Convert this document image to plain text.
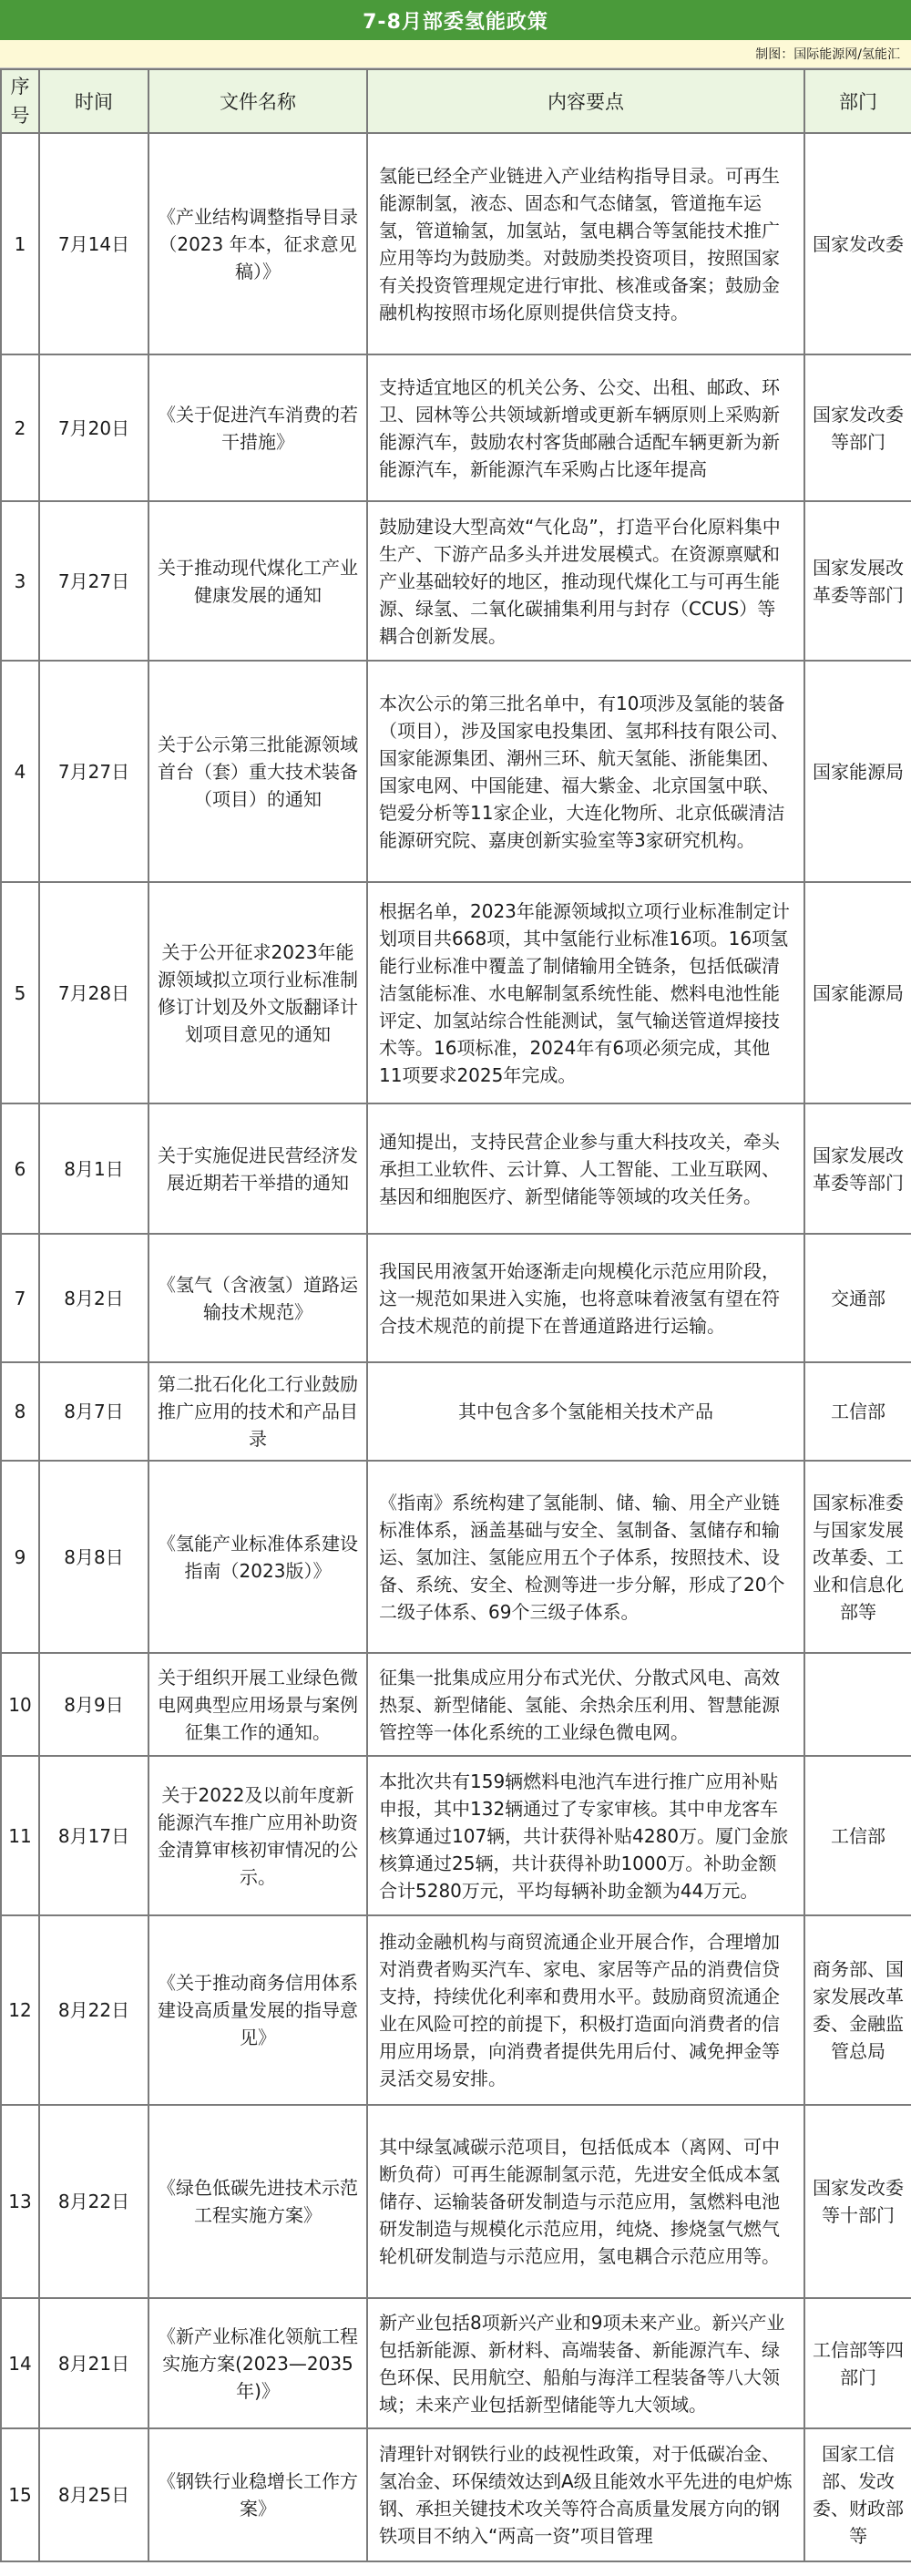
7-8月部委氢能政策
制图：国际能源网/氢能汇
序号	时间	文件名称	内容要点	部门
1	7月14日	《产业结构调整指导目录（2023 年本，征求意见稿）》	氢能已经全产业链进入产业结构指导目录。可再生能源制氢，液态、固态和气态储氢，管道拖车运氢，管道输氢，加氢站，氢电耦合等氢能技术推广应用等均为鼓励类。对鼓励类投资项目，按照国家有关投资管理规定进行审批、核准或备案；鼓励金融机构按照市场化原则提供信贷支持。	国家发改委
2	7月20日	《关于促进汽车消费的若干措施》	支持适宜地区的机关公务、公交、出租、邮政、环卫、园林等公共领域新增或更新车辆原则上采购新能源汽车，鼓励农村客货邮融合适配车辆更新为新能源汽车，新能源汽车采购占比逐年提高	国家发改委等部门
3	7月27日	关于推动现代煤化工产业健康发展的通知	鼓励建设大型高效“气化岛”，打造平台化原料集中生产、下游产品多头并进发展模式。在资源禀赋和产业基础较好的地区，推动现代煤化工与可再生能源、绿氢、二氧化碳捕集利用与封存（CCUS）等耦合创新发展。	国家发展改革委等部门
4	7月27日	关于公示第三批能源领域首台（套）重大技术装备（项目）的通知	本次公示的第三批名单中，有10项涉及氢能的装备（项目），涉及国家电投集团、氢邦科技有限公司、国家能源集团、潮州三环、航天氢能、浙能集团、国家电网、中国能建、福大紫金、北京国氢中联、铠爱分析等11家企业，大连化物所、北京低碳清洁能源研究院、嘉庚创新实验室等3家研究机构。	国家能源局
5	7月28日	关于公开征求2023年能源领域拟立项行业标准制修订计划及外文版翻译计划项目意见的通知	根据名单，2023年能源领域拟立项行业标准制定计划项目共668项，其中氢能行业标准16项。16项氢能行业标准中覆盖了制储输用全链条，包括低碳清洁氢能标准、水电解制氢系统性能、燃料电池性能评定、加氢站综合性能测试，氢气输送管道焊接技术等。16项标准，2024年有6项必须完成，其他11项要求2025年完成。	国家能源局
6	8月1日	关于实施促进民营经济发展近期若干举措的通知	通知提出，支持民营企业参与重大科技攻关，牵头承担工业软件、云计算、人工智能、工业互联网、基因和细胞医疗、新型储能等领域的攻关任务。	国家发展改革委等部门
7	8月2日	《氢气（含液氢）道路运输技术规范》	我国民用液氢开始逐渐走向规模化示范应用阶段，这一规范如果进入实施，也将意味着液氢有望在符合技术规范的前提下在普通道路进行运输。	交通部
8	8月7日	第二批石化化工行业鼓励推广应用的技术和产品目录	其中包含多个氢能相关技术产品	工信部
9	8月8日	《氢能产业标准体系建设指南（2023版）》	《指南》系统构建了氢能制、储、输、用全产业链标准体系，涵盖基础与安全、氢制备、氢储存和输运、氢加注、氢能应用五个子体系，按照技术、设备、系统、安全、检测等进一步分解，形成了20个二级子体系、69个三级子体系。	国家标准委与国家发展改革委、工业和信息化部等
10	8月9日	关于组织开展工业绿色微电网典型应用场景与案例征集工作的通知。	征集一批集成应用分布式光伏、分散式风电、高效热泵、新型储能、氢能、余热余压利用、智慧能源管控等一体化系统的工业绿色微电网。	
11	8月17日	关于2022及以前年度新能源汽车推广应用补助资金清算审核初审情况的公示。	本批次共有159辆燃料电池汽车进行推广应用补贴申报，其中132辆通过了专家审核。其中申龙客车核算通过107辆，共计获得补贴4280万。厦门金旅核算通过25辆，共计获得补助1000万。补助金额合计5280万元，平均每辆补助金额为44万元。	工信部
12	8月22日	《关于推动商务信用体系建设高质量发展的指导意见》	推动金融机构与商贸流通企业开展合作，合理增加对消费者购买汽车、家电、家居等产品的消费信贷支持，持续优化利率和费用水平。鼓励商贸流通企业在风险可控的前提下，积极打造面向消费者的信用应用场景，向消费者提供先用后付、减免押金等灵活交易安排。	商务部、国家发展改革委、金融监管总局
13	8月22日	《绿色低碳先进技术示范工程实施方案》	其中绿氢减碳示范项目，包括低成本（离网、可中断负荷）可再生能源制氢示范，先进安全低成本氢储存、运输装备研发制造与示范应用，氢燃料电池研发制造与规模化示范应用，纯烧、掺烧氢气燃气轮机研发制造与示范应用，氢电耦合示范应用等。	国家发改委等十部门
14	8月21日	《新产业标准化领航工程实施方案(2023—2035年)》	新产业包括8项新兴产业和9项未来产业。新兴产业包括新能源、新材料、高端装备、新能源汽车、绿色环保、民用航空、船舶与海洋工程装备等八大领域；未来产业包括新型储能等九大领域。	工信部等四部门
15	8月25日	《钢铁行业稳增长工作方案》	清理针对钢铁行业的歧视性政策，对于低碳冶金、氢冶金、环保绩效达到A级且能效水平先进的电炉炼钢、承担关键技术攻关等符合高质量发展方向的钢铁项目不纳入“两高一资”项目管理	国家工信部、发改委、财政部等
